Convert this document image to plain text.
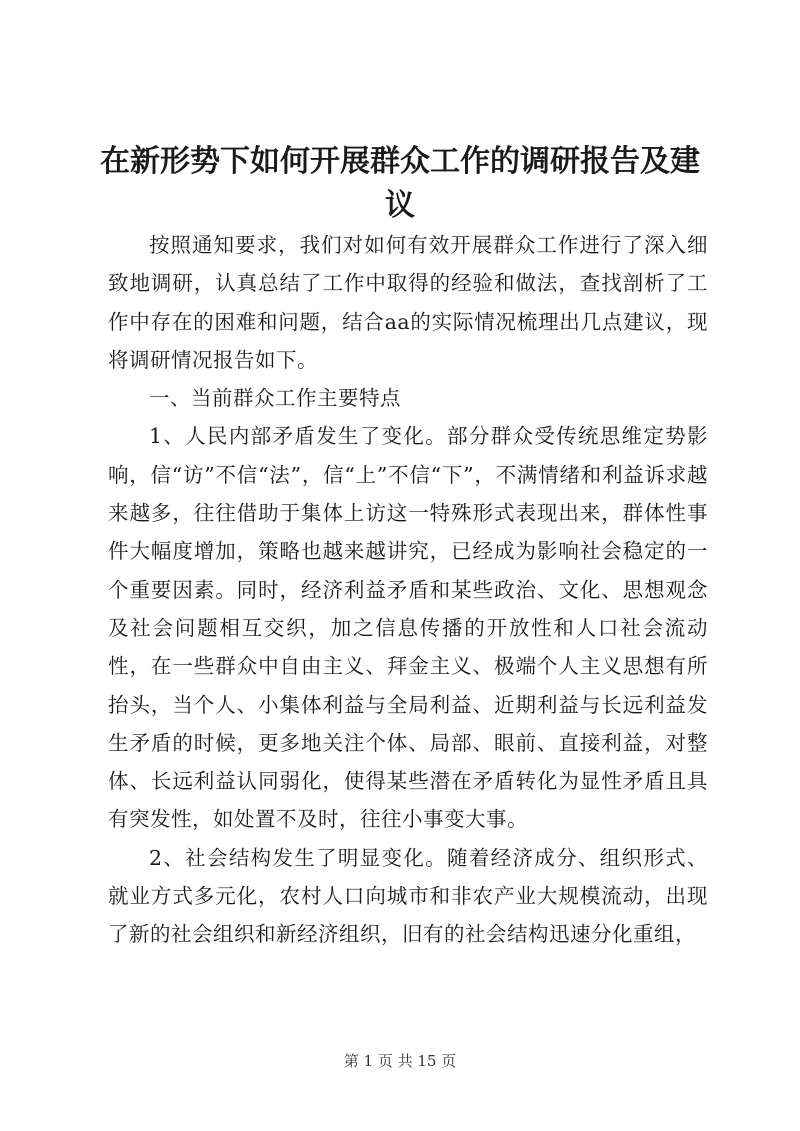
在新形势下如何开展群众工作的调研报告及建议

按照通知要求，我们对如何有效开展群众工作进行了深入细致地调研，认真总结了工作中取得的经验和做法，查找剖析了工作中存在的困难和问题，结合aa的实际情况梳理出几点建议，现将调研情况报告如下。

一、当前群众工作主要特点

1、人民内部矛盾发生了变化。部分群众受传统思维定势影响，信“访”不信“法”，信“上”不信“下”，不满情绪和利益诉求越来越多，往往借助于集体上访这一特殊形式表现出来，群体性事件大幅度增加，策略也越来越讲究，已经成为影响社会稳定的一个重要因素。同时，经济利益矛盾和某些政治、文化、思想观念及社会问题相互交织，加之信息传播的开放性和人口社会流动性，在一些群众中自由主义、拜金主义、极端个人主义思想有所抬头，当个人、小集体利益与全局利益、近期利益与长远利益发生矛盾的时候，更多地关注个体、局部、眼前、直接利益，对整体、长远利益认同弱化，使得某些潜在矛盾转化为显性矛盾且具有突发性，如处置不及时，往往小事变大事。

2、社会结构发生了明显变化。随着经济成分、组织形式、就业方式多元化，农村人口向城市和非农产业大规模流动，出现了新的社会组织和新经济组织，旧有的社会结构迅速分化重组，

第 1 页 共 15 页
